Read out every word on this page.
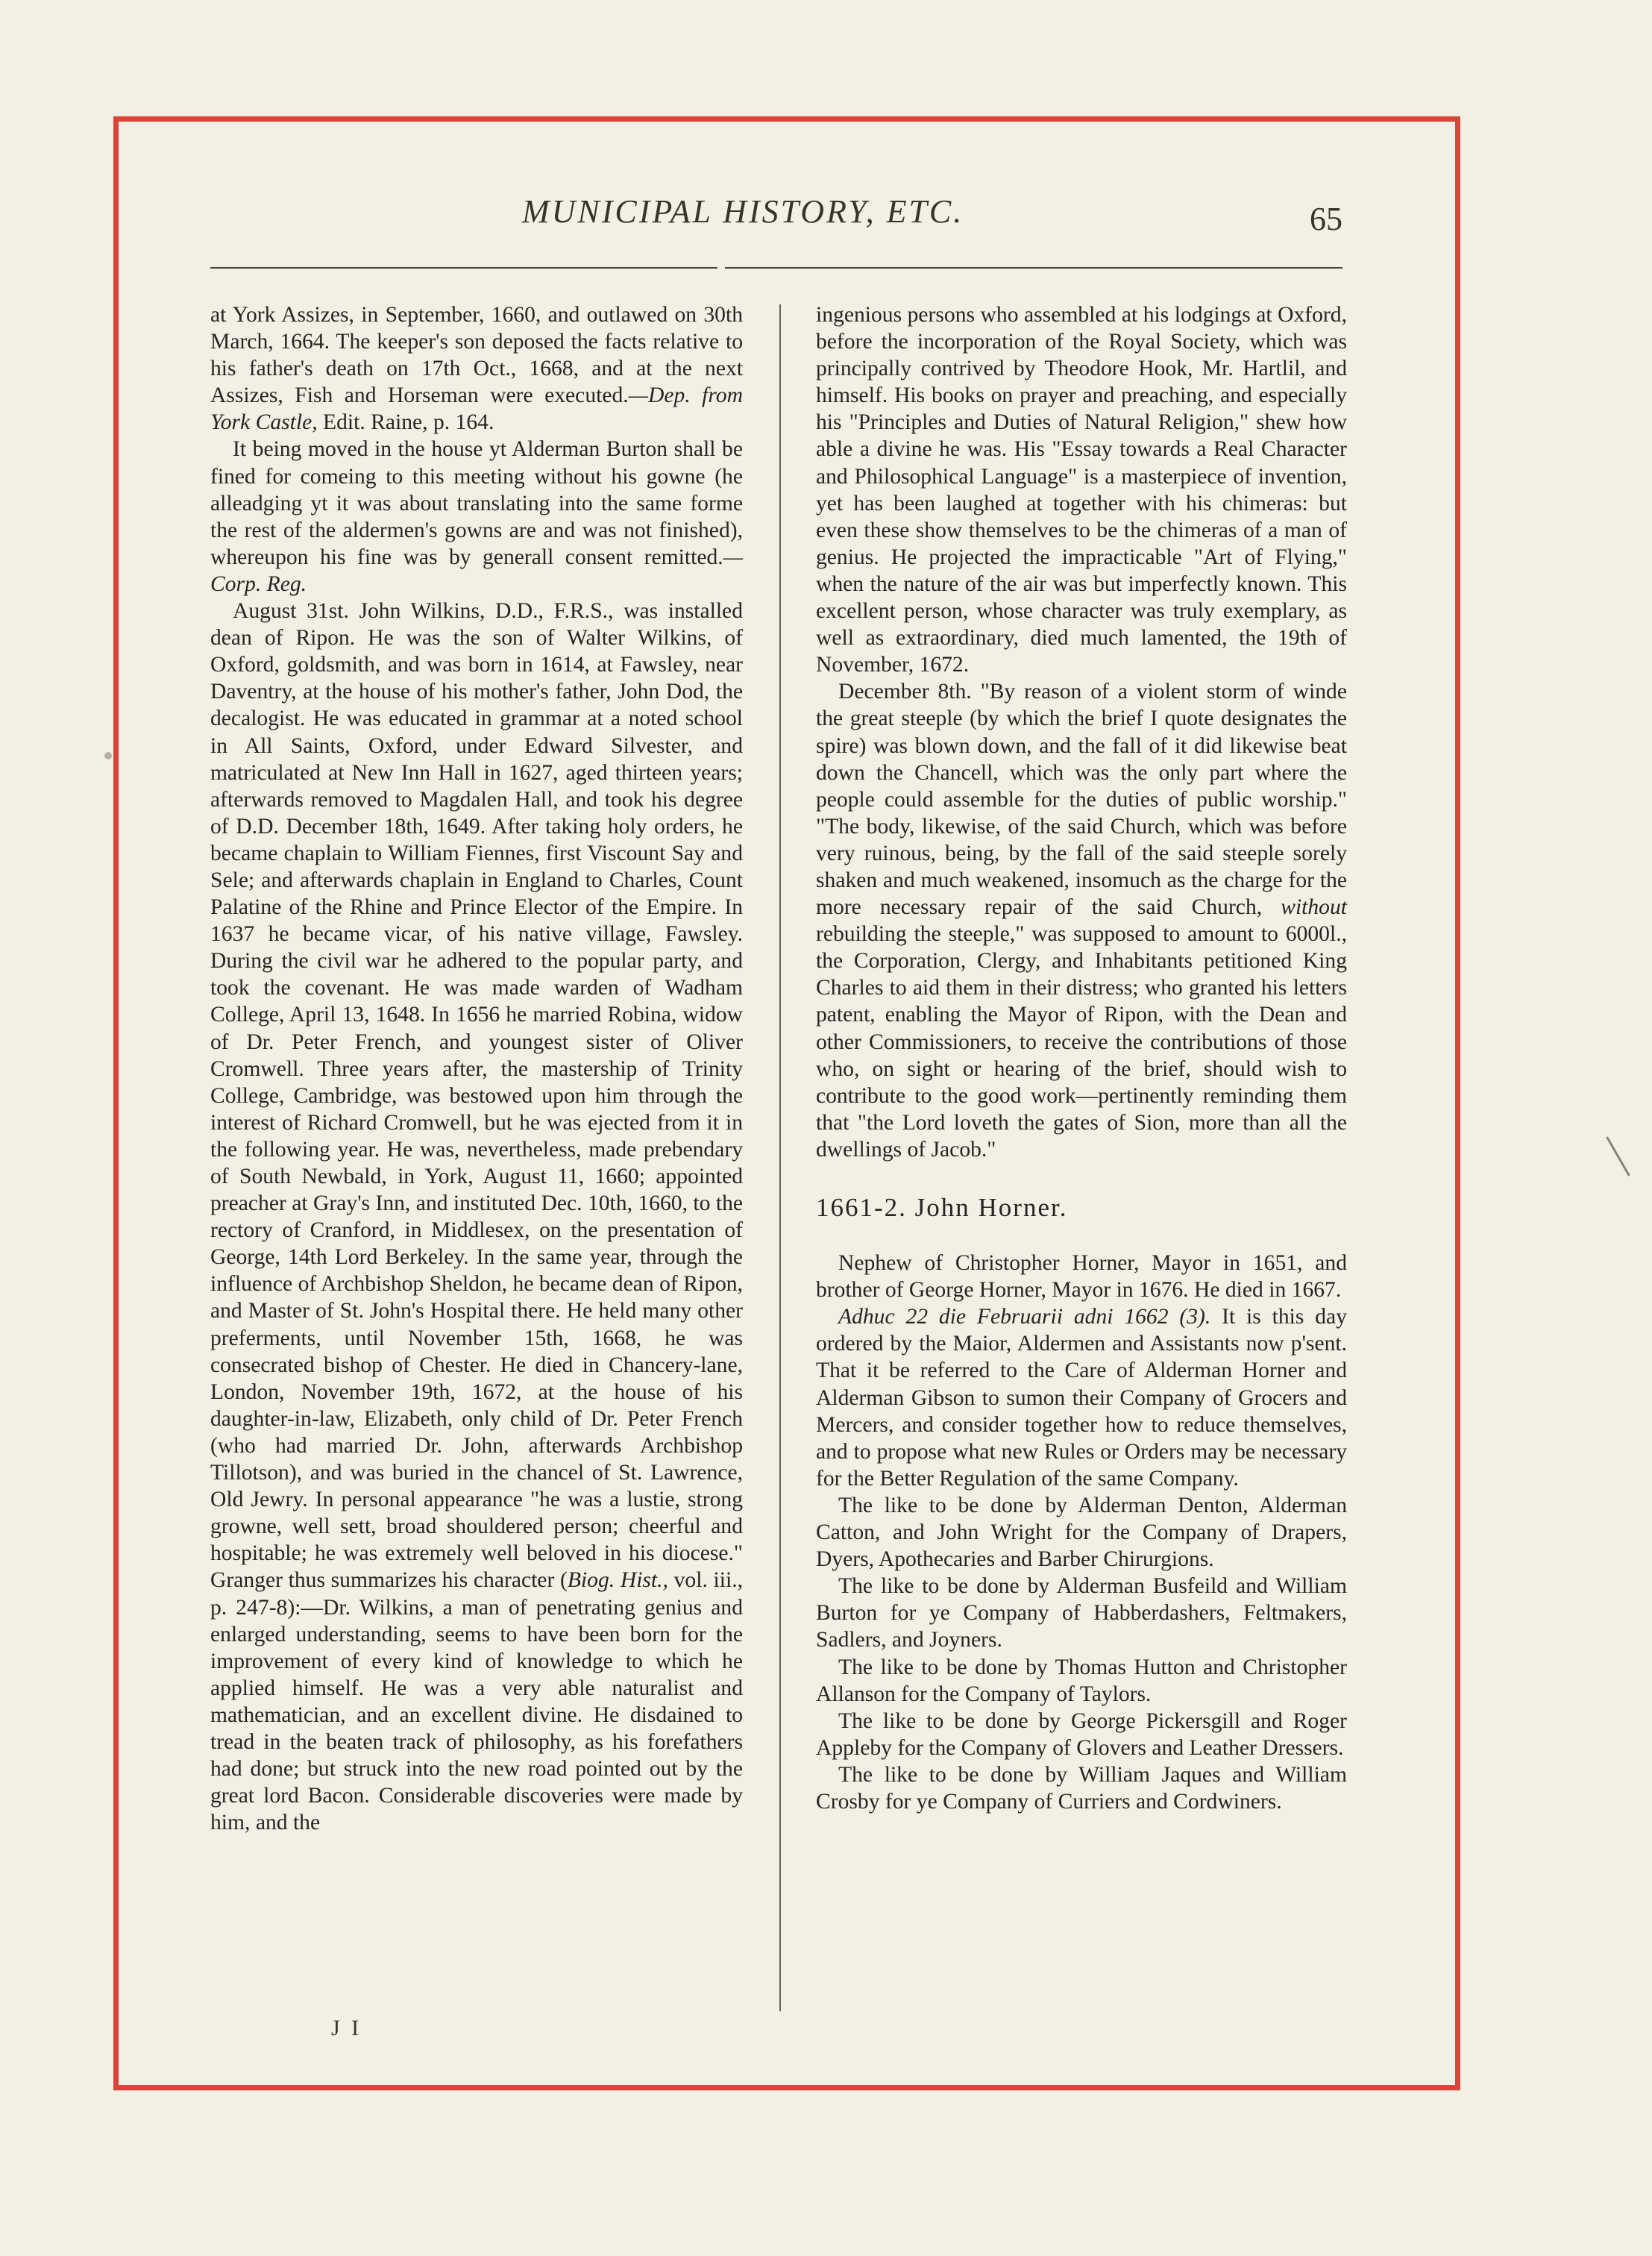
MUNICIPAL HISTORY, ETC.	65

at York Assizes, in September, 1660, and outlawed on 30th March, 1664. The keeper's son deposed the facts relative to his father's death on 17th Oct., 1668, and at the next Assizes, Fish and Horseman were executed.—Dep. from York Castle, Edit. Raine, p. 164.

It being moved in the house yt Alderman Burton shall be fined for comeing to this meeting without his gowne (he alleadging yt it was about translating into the same forme the rest of the aldermen's gowns are and was not finished), whereupon his fine was by generall consent remitted.—Corp. Reg.

August 31st. John Wilkins, D.D., F.R.S., was installed dean of Ripon. He was the son of Walter Wilkins, of Oxford, goldsmith, and was born in 1614, at Fawsley, near Daventry, at the house of his mother's father, John Dod, the decalogist. He was educated in grammar at a noted school in All Saints, Oxford, under Edward Silvester, and matriculated at New Inn Hall in 1627, aged thirteen years; afterwards removed to Magdalen Hall, and took his degree of D.D. December 18th, 1649. After taking holy orders, he became chaplain to William Fiennes, first Viscount Say and Sele; and afterwards chaplain in England to Charles, Count Palatine of the Rhine and Prince Elector of the Empire. In 1637 he became vicar, of his native village, Fawsley. During the civil war he adhered to the popular party, and took the covenant. He was made warden of Wadham College, April 13, 1648. In 1656 he married Robina, widow of Dr. Peter French, and youngest sister of Oliver Cromwell. Three years after, the mastership of Trinity College, Cambridge, was bestowed upon him through the interest of Richard Cromwell, but he was ejected from it in the following year. He was, nevertheless, made prebendary of South Newbald, in York, August 11, 1660; appointed preacher at Gray's Inn, and instituted Dec. 10th, 1660, to the rectory of Cranford, in Middlesex, on the presentation of George, 14th Lord Berkeley. In the same year, through the influence of Archbishop Sheldon, he became dean of Ripon, and Master of St. John's Hospital there. He held many other preferments, until November 15th, 1668, he was consecrated bishop of Chester. He died in Chancery-lane, London, November 19th, 1672, at the house of his daughter-in-law, Elizabeth, only child of Dr. Peter French (who had married Dr. John, afterwards Archbishop Tillotson), and was buried in the chancel of St. Lawrence, Old Jewry. In personal appearance "he was a lustie, strong growne, well sett, broad shouldered person; cheerful and hospitable; he was extremely well beloved in his diocese." Granger thus summarizes his character (Biog. Hist., vol. iii., p. 247-8):—Dr. Wilkins, a man of penetrating genius and enlarged understanding, seems to have been born for the improvement of every kind of knowledge to which he applied himself. He was a very able naturalist and mathematician, and an excellent divine. He disdained to tread in the beaten track of philosophy, as his forefathers had done; but struck into the new road pointed out by the great lord Bacon. Considerable discoveries were made by him, and the

ingenious persons who assembled at his lodgings at Oxford, before the incorporation of the Royal Society, which was principally contrived by Theodore Hook, Mr. Hartlil, and himself. His books on prayer and preaching, and especially his "Principles and Duties of Natural Religion," shew how able a divine he was. His "Essay towards a Real Character and Philosophical Language" is a masterpiece of invention, yet has been laughed at together with his chimeras: but even these show themselves to be the chimeras of a man of genius. He projected the impracticable "Art of Flying," when the nature of the air was but imperfectly known. This excellent person, whose character was truly exemplary, as well as extraordinary, died much lamented, the 19th of November, 1672.

December 8th. "By reason of a violent storm of winde the great steeple (by which the brief I quote designates the spire) was blown down, and the fall of it did likewise beat down the Chancell, which was the only part where the people could assemble for the duties of public worship." "The body, likewise, of the said Church, which was before very ruinous, being, by the fall of the said steeple sorely shaken and much weakened, insomuch as the charge for the more necessary repair of the said Church, without rebuilding the steeple," was supposed to amount to 6000l., the Corporation, Clergy, and Inhabitants petitioned King Charles to aid them in their distress; who granted his letters patent, enabling the Mayor of Ripon, with the Dean and other Commissioners, to receive the contributions of those who, on sight or hearing of the brief, should wish to contribute to the good work—pertinently reminding them that "the Lord loveth the gates of Sion, more than all the dwellings of Jacob."

1661-2. John Horner.

Nephew of Christopher Horner, Mayor in 1651, and brother of George Horner, Mayor in 1676. He died in 1667.

Adhuc 22 die Februarii adni 1662 (3). It is this day ordered by the Maior, Aldermen and Assistants now p'sent. That it be referred to the Care of Alderman Horner and Alderman Gibson to sumon their Company of Grocers and Mercers, and consider together how to reduce themselves, and to propose what new Rules or Orders may be necessary for the Better Regulation of the same Company.

The like to be done by Alderman Denton, Alderman Catton, and John Wright for the Company of Drapers, Dyers, Apothecaries and Barber Chirurgions.

The like to be done by Alderman Busfeild and William Burton for ye Company of Habberdashers, Feltmakers, Sadlers, and Joyners.

The like to be done by Thomas Hutton and Christopher Allanson for the Company of Taylors.

The like to be done by George Pickersgill and Roger Appleby for the Company of Glovers and Leather Dressers.

The like to be done by William Jaques and William Crosby for ye Company of Curriers and Cordwiners.

J I
